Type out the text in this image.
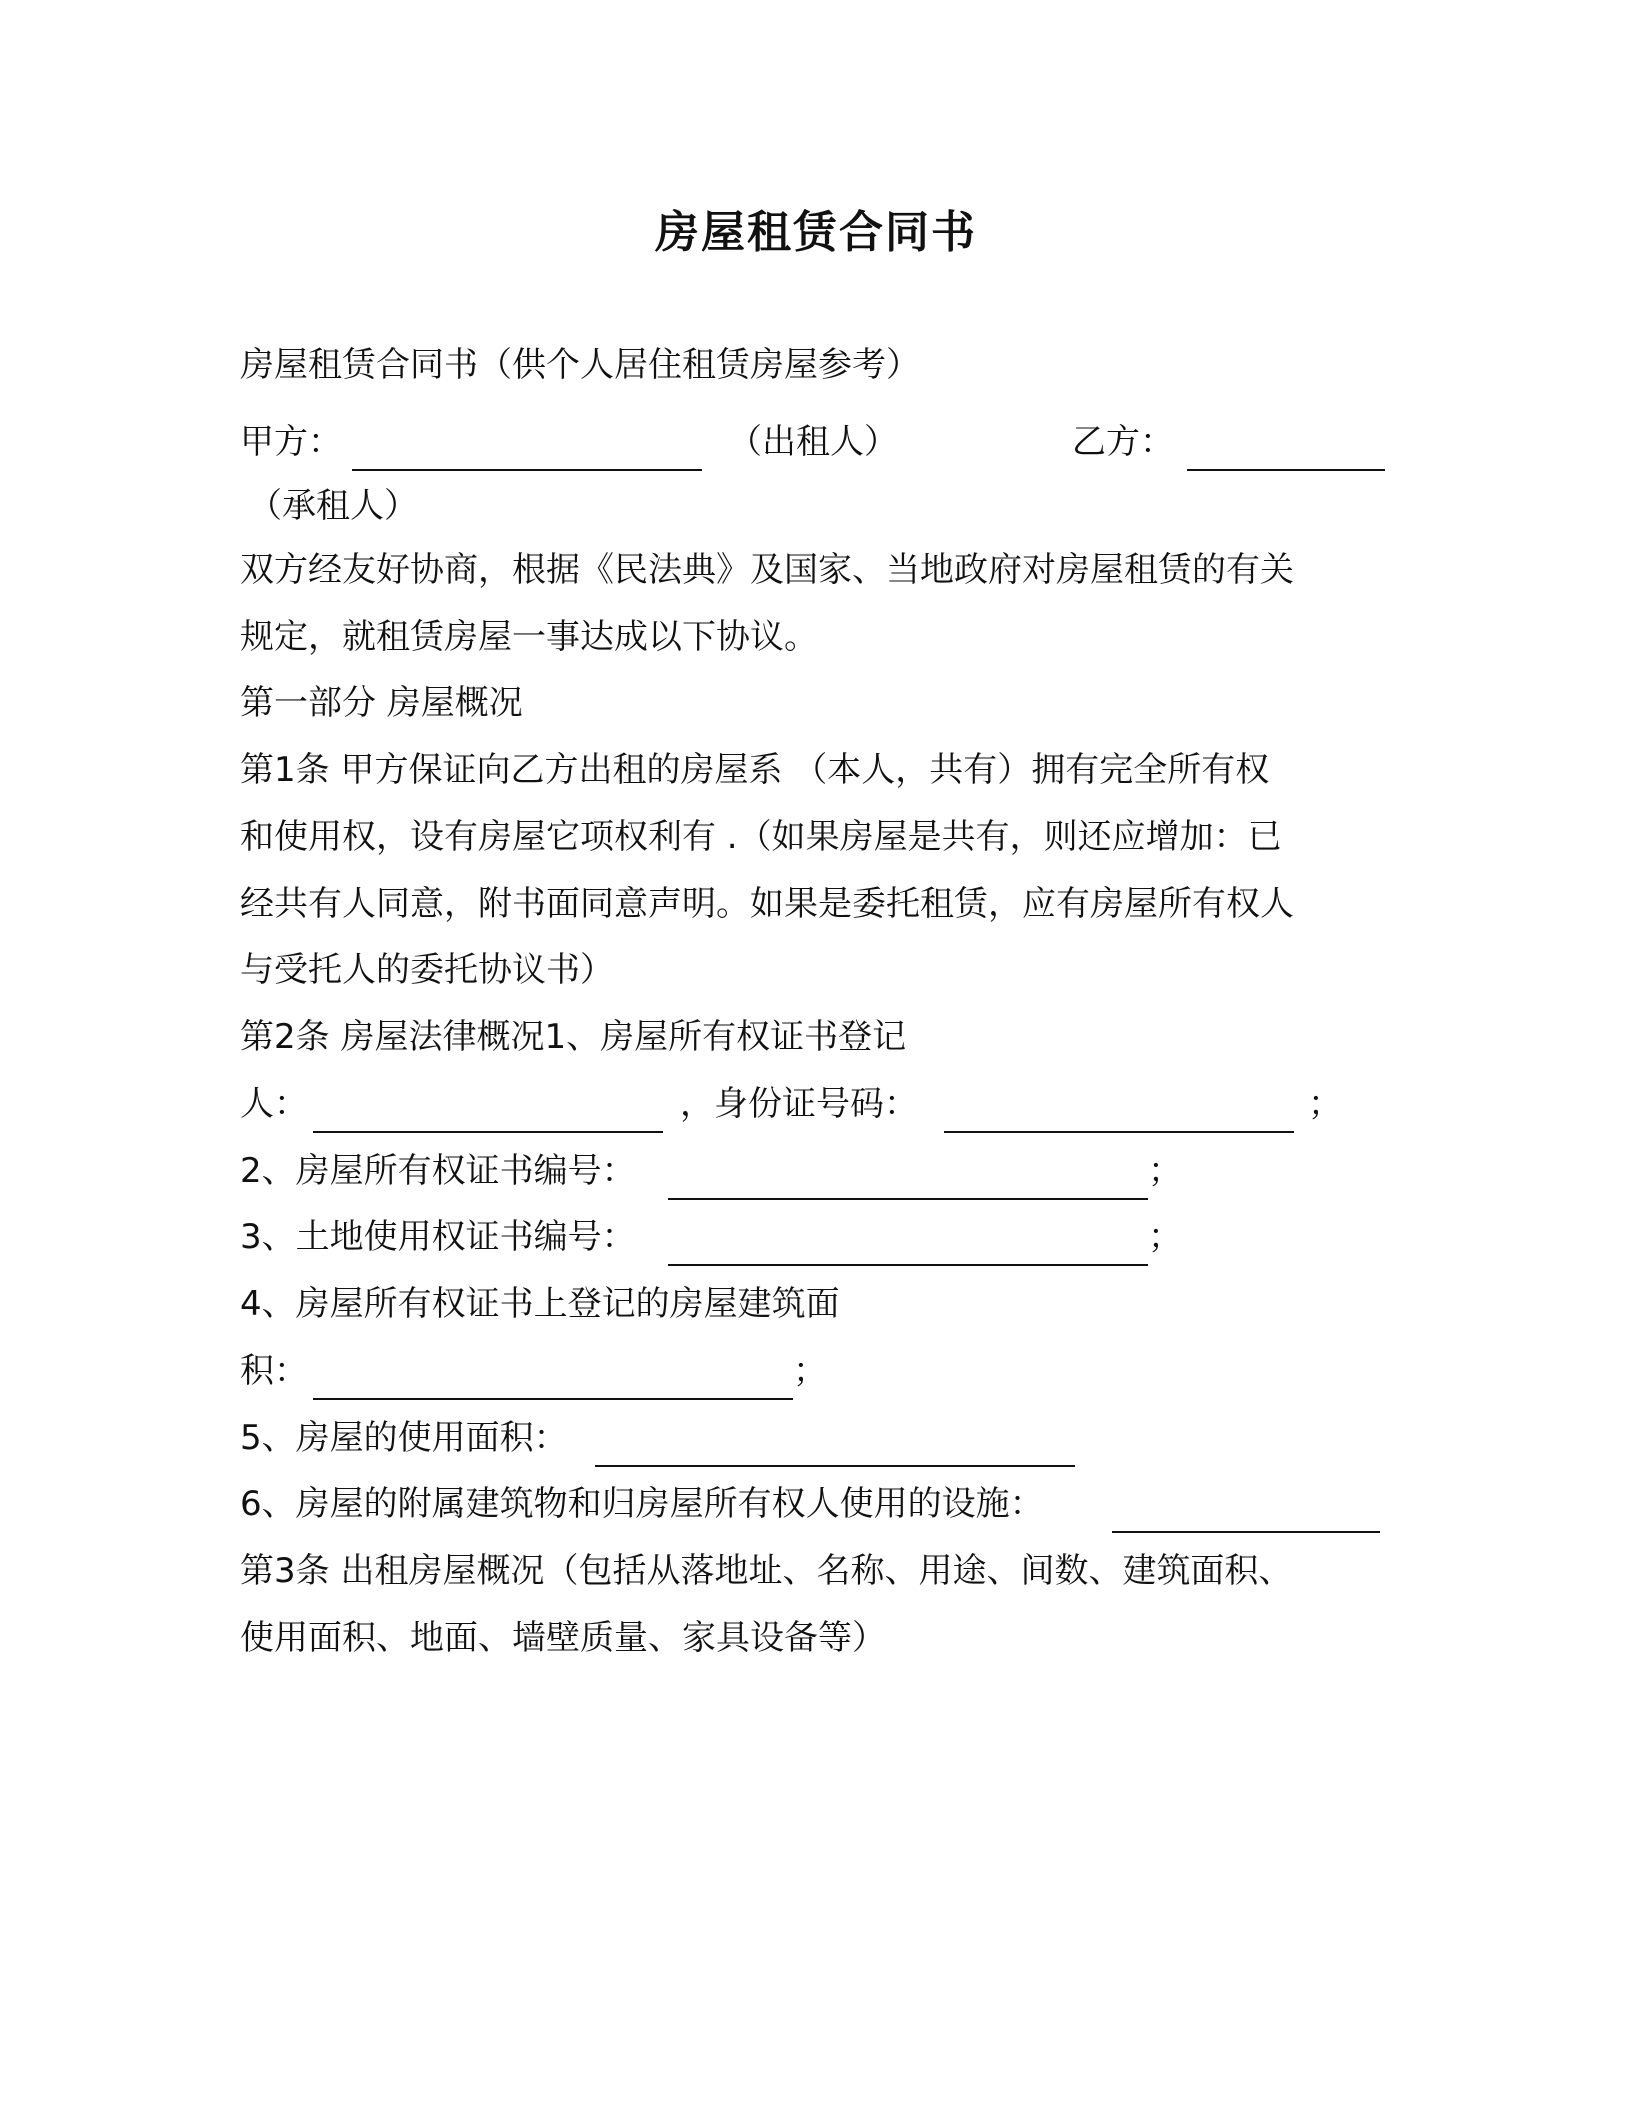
房屋租赁合同书
房屋租赁合同书（供个人居住租赁房屋参考）
甲方：	（出租人）	乙方：
（承租人）
双方经友好协商，根据《民法典》及国家、当地政府对房屋租赁的有关
规定，就租赁房屋一事达成以下协议。
第一部分 房屋概况
第1条 甲方保证向乙方出租的房屋系 （本人，共有）拥有完全所有权
和使用权，设有房屋它项权利有 .（如果房屋是共有，则还应增加：已
经共有人同意，附书面同意声明。如果是委托租赁，应有房屋所有权人
与受托人的委托协议书）
第2条 房屋法律概况1、房屋所有权证书登记
人：	，身份证号码：	；
2、房屋所有权证书编号：	；
3、土地使用权证书编号：	；
4、房屋所有权证书上登记的房屋建筑面
积：	；
5、房屋的使用面积：
6、房屋的附属建筑物和归房屋所有权人使用的设施：
第3条 出租房屋概况（包括从落地址、名称、用途、间数、建筑面积、
使用面积、地面、墙壁质量、家具设备等）
